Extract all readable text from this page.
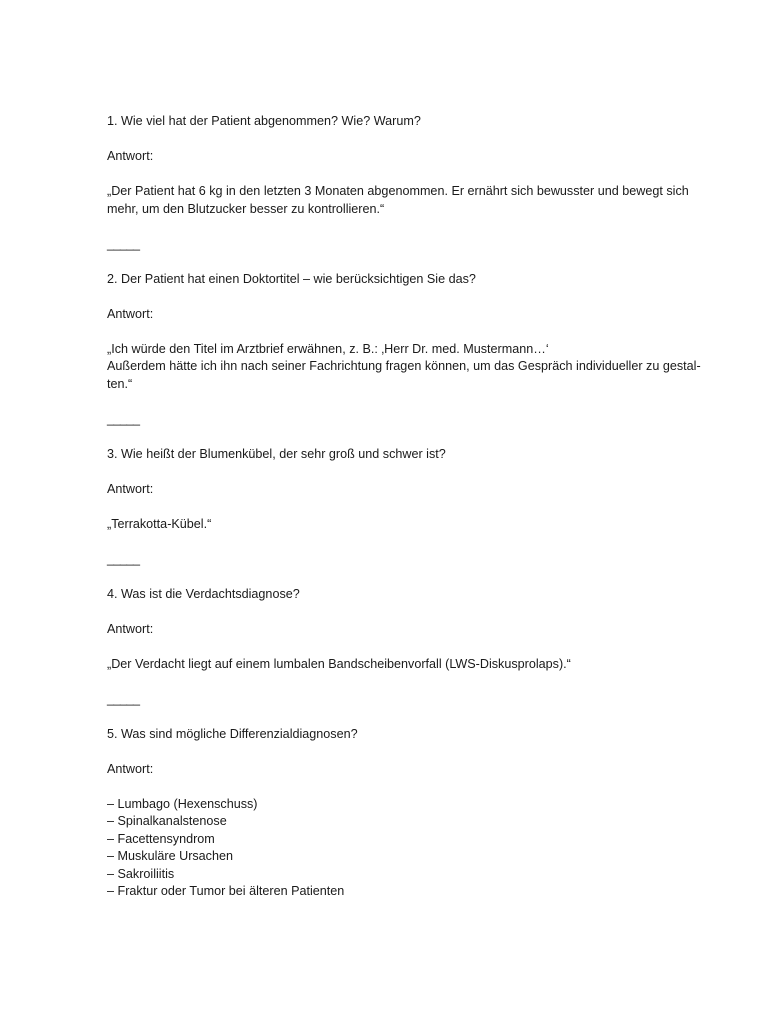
1. Wie viel hat der Patient abgenommen? Wie? Warum?

Antwort:

„Der Patient hat 6 kg in den letzten 3 Monaten abgenommen. Er ernährt sich bewusster und bewegt sich

mehr, um den Blutzucker besser zu kontrollieren.“

_____

2. Der Patient hat einen Doktortitel – wie berücksichtigen Sie das?

Antwort:

„Ich würde den Titel im Arztbrief erwähnen, z. B.: ‚Herr Dr. med. Mustermann…‘

Außerdem hätte ich ihn nach seiner Fachrichtung fragen können, um das Gespräch individueller zu gestal-

ten.“

_____

3. Wie heißt der Blumenkübel, der sehr groß und schwer ist?

Antwort:

„Terrakotta-Kübel.“

_____

4. Was ist die Verdachtsdiagnose?

Antwort:

„Der Verdacht liegt auf einem lumbalen Bandscheibenvorfall (LWS-Diskusprolaps).“

_____

5. Was sind mögliche Differenzialdiagnosen?

Antwort:

– Lumbago (Hexenschuss)

– Spinalkanalstenose

– Facettensyndrom

– Muskuläre Ursachen

– Sakroiliitis

– Fraktur oder Tumor bei älteren Patienten
